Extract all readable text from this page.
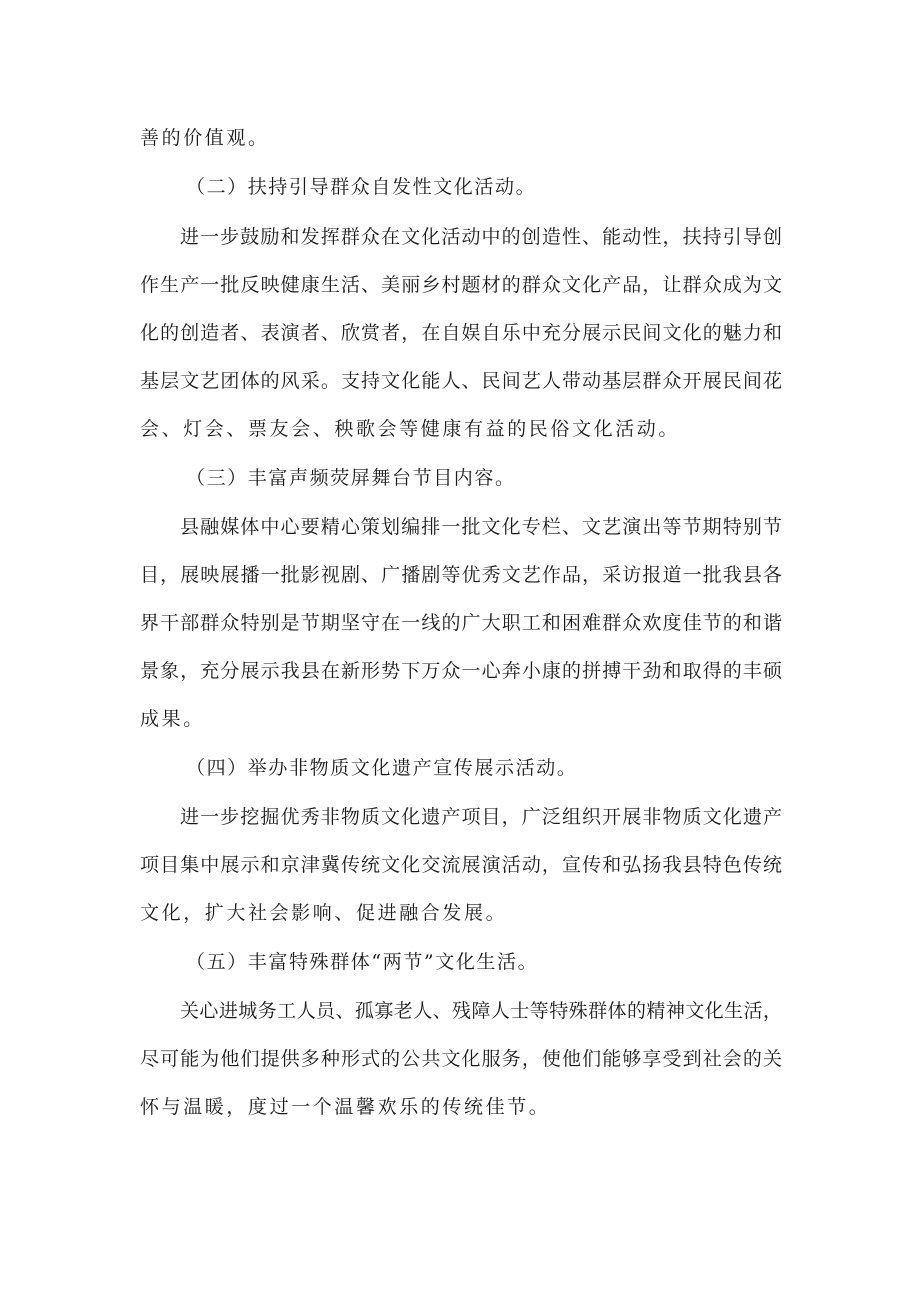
善的价值观。
（二）扶持引导群众自发性文化活动。
进一步鼓励和发挥群众在文化活动中的创造性、能动性，扶持引导创
作生产一批反映健康生活、美丽乡村题材的群众文化产品，让群众成为文
化的创造者、表演者、欣赏者，在自娱自乐中充分展示民间文化的魅力和
基层文艺团体的风采。支持文化能人、民间艺人带动基层群众开展民间花
会、灯会、票友会、秧歌会等健康有益的民俗文化活动。
（三）丰富声频荧屏舞台节目内容。
县融媒体中心要精心策划编排一批文化专栏、文艺演出等节期特别节
目，展映展播一批影视剧、广播剧等优秀文艺作品，采访报道一批我县各
界干部群众特别是节期坚守在一线的广大职工和困难群众欢度佳节的和谐
景象，充分展示我县在新形势下万众一心奔小康的拼搏干劲和取得的丰硕
成果。
（四）举办非物质文化遗产宣传展示活动。
进一步挖掘优秀非物质文化遗产项目，广泛组织开展非物质文化遗产
项目集中展示和京津冀传统文化交流展演活动，宣传和弘扬我县特色传统
文化，扩大社会影响、促进融合发展。
（五）丰富特殊群体“两节”文化生活。
关心进城务工人员、孤寡老人、残障人士等特殊群体的精神文化生活，
尽可能为他们提供多种形式的公共文化服务，使他们能够享受到社会的关
怀与温暖，度过一个温馨欢乐的传统佳节。
